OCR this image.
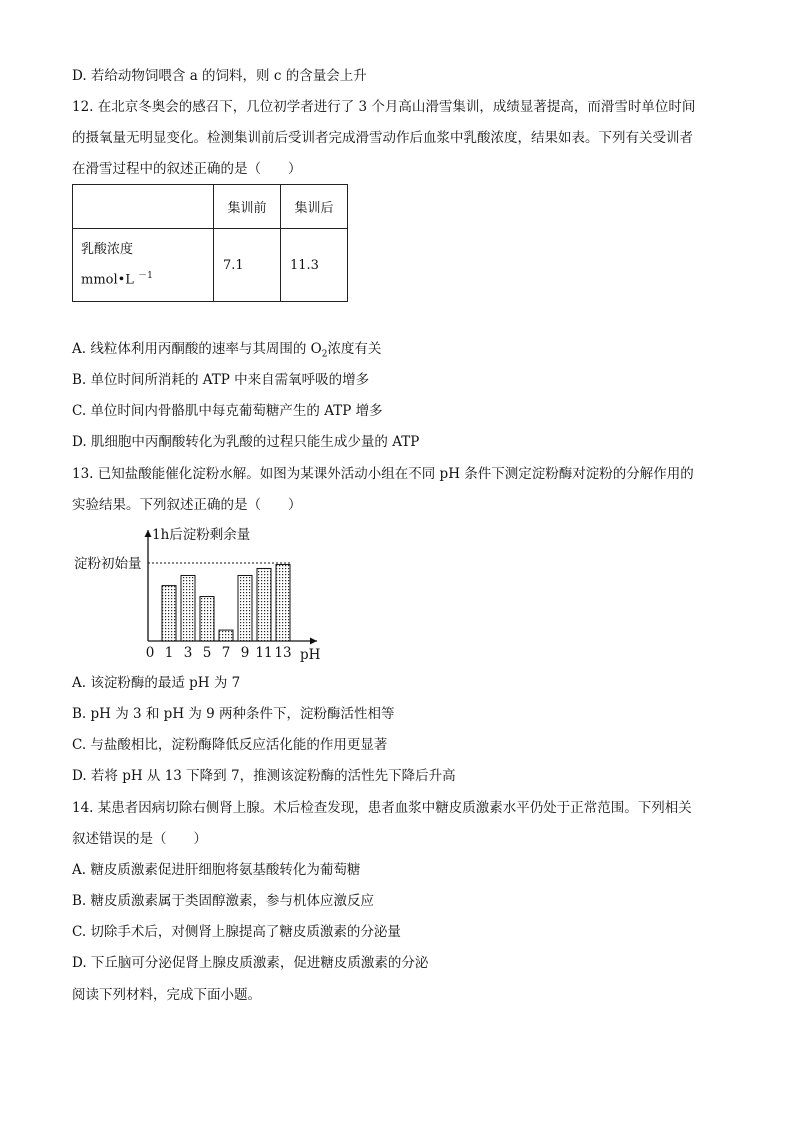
D. 若给动物饲喂含 a 的饲料，则 c 的含量会上升
12. 在北京冬奥会的感召下，几位初学者进行了 3 个月高山滑雪集训，成绩显著提高，而滑雪时单位时间
的摄氧量无明显变化。检测集训前后受训者完成滑雪动作后血浆中乳酸浓度，结果如表。下列有关受训者
在滑雪过程中的叙述正确的是（　　）
	集训前	集训后

乳酸浓度
mmol•L $^{-1}$	7.1	11.3
A. 线粒体利用丙酮酸的速率与其周围的 $O_2$浓度有关
B. 单位时间所消耗的 ATP 中来自需氧呼吸的增多
C. 单位时间内骨骼肌中每克葡萄糖产生的 ATP 增多
D. 肌细胞中丙酮酸转化为乳酸的过程只能生成少量的 ATP
13. 已知盐酸能催化淀粉水解。如图为某课外活动小组在不同 pH 条件下测定淀粉酶对淀粉的分解作用的
实验结果。下列叙述正确的是（　　）
1h后淀粉剩余量
淀粉初始量
1 3 5 7 9 11 13
0	pH
A. 该淀粉酶的最适 pH 为 7
B. pH 为 3 和 pH 为 9 两种条件下，淀粉酶活性相等
C. 与盐酸相比，淀粉酶降低反应活化能的作用更显著
D. 若将 pH 从 13 下降到 7，推测该淀粉酶的活性先下降后升高
14. 某患者因病切除右侧肾上腺。术后检查发现，患者血浆中糖皮质激素水平仍处于正常范围。下列相关
叙述错误的是（　　）
A. 糖皮质激素促进肝细胞将氨基酸转化为葡萄糖
B. 糖皮质激素属于类固醇激素，参与机体应激反应
C. 切除手术后，对侧肾上腺提高了糖皮质激素的分泌量
D. 下丘脑可分泌促肾上腺皮质激素，促进糖皮质激素的分泌
阅读下列材料，完成下面小题。
